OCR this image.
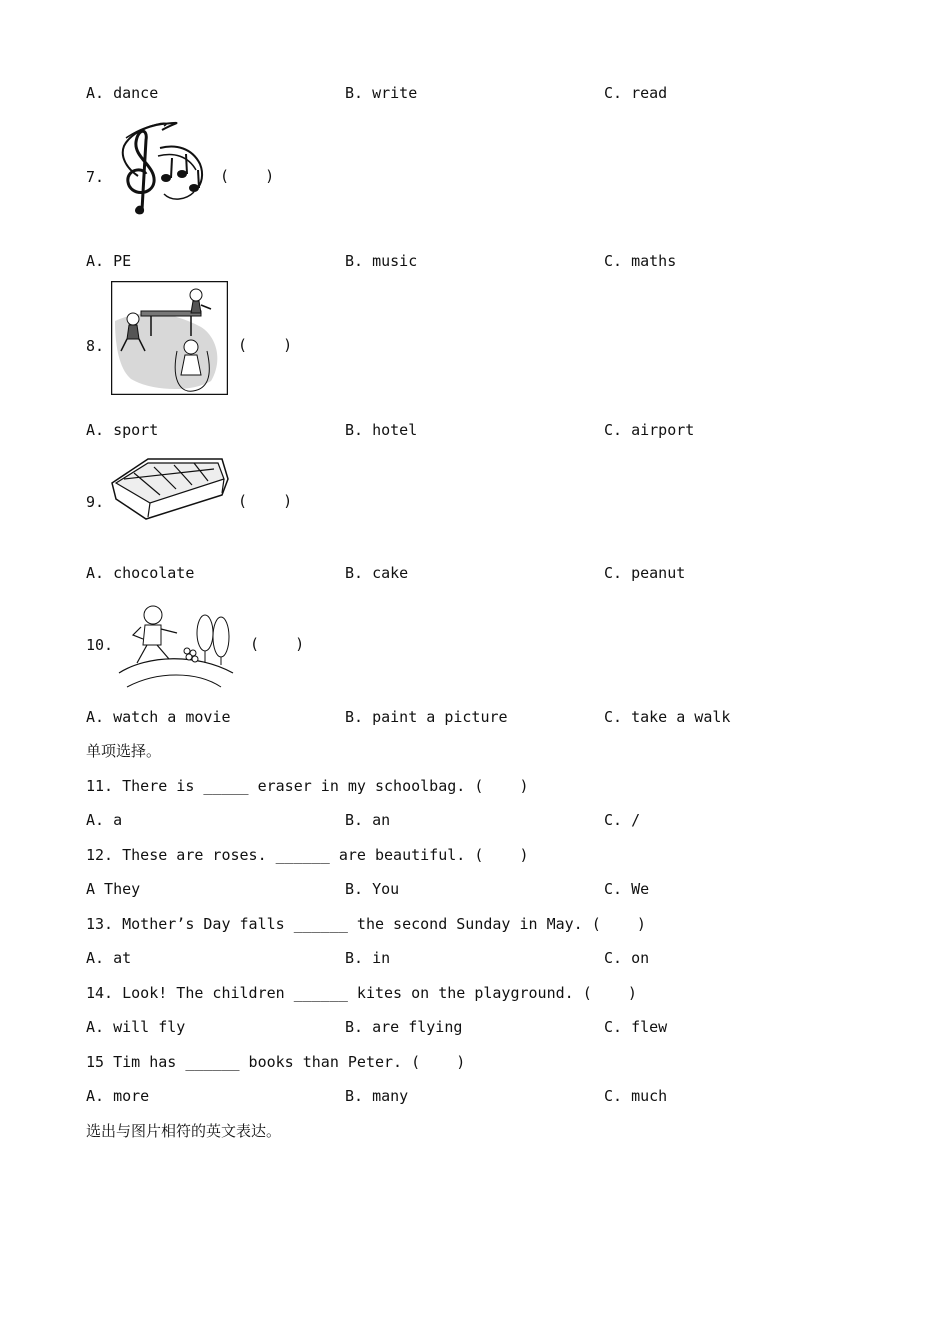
A. dance	B. write	C. read
7.	(    )
A. PE	B. music	C. maths
8.	(    )
A. sport	B. hotel	C. airport
9.	(    )
A. chocolate	B. cake	C. peanut
10.	(    )
A. watch a movie	B. paint a picture	C. take a walk
单项选择。
11. There is _____ eraser in my schoolbag. (    )
A. a	B. an	C. /
12. These are roses. ______ are beautiful. (    )
A They	B. You	C. We
13. Mother’s Day falls ______ the second Sunday in May. (    )
A. at	B. in	C. on
14. Look! The children ______ kites on the playground. (    )
A. will fly	B. are flying	C. flew
15 Tim has ______ books than Peter. (    )
A. more	B. many	C. much
选出与图片相符的英文表达。
